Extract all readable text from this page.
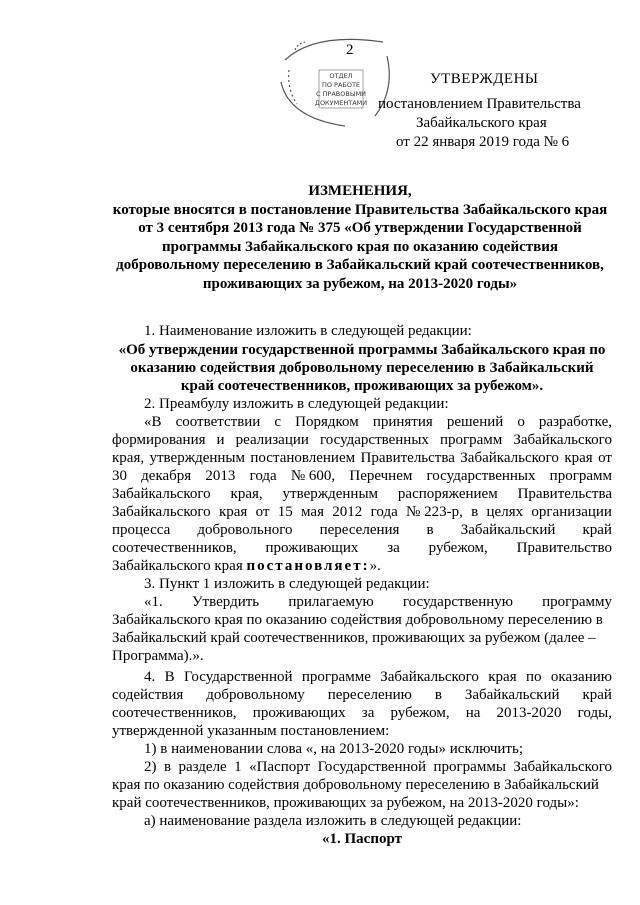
2
ОТДЕЛ
ПО РАБОТЕ
С ПРАВОВЫМИ
ДОКУМЕНТАМИ
УТВЕРЖДЕНЫ
постановлением Правительства
Забайкальского края
от 22 января 2019 года № 6
ИЗМЕНЕНИЯ,
которые вносятся в постановление Правительства Забайкальского края
от 3 сентября 2013 года № 375 «Об утверждении Государственной
программы Забайкальского края по оказанию содействия
добровольному переселению в Забайкальский край соотечественников,
проживающих за рубежом, на 2013-2020 годы»
1. Наименование изложить в следующей редакции:
«Об утверждении государственной программы Забайкальского края по
оказанию содействия добровольному переселению в Забайкальский
край соотечественников, проживающих за рубежом».
2. Преамбулу изложить в следующей редакции:
«В соответствии с Порядком принятия решений о разработке,
формирования и реализации государственных программ Забайкальского
края, утвержденным постановлением Правительства Забайкальского края от
30 декабря 2013 года № 600, Перечнем государственных программ
Забайкальского края, утвержденным распоряжением Правительства
Забайкальского края от 15 мая 2012 года № 223-р, в целях организации
процесса добровольного переселения в Забайкальский край
соотечественников, проживающих за рубежом, Правительство
Забайкальского края постановляет:».
3. Пункт 1 изложить в следующей редакции:
«1. Утвердить прилагаемую государственную программу
Забайкальского края по оказанию содействия добровольному переселению в
Забайкальский край соотечественников, проживающих за рубежом (далее –
Программа).».
4. В Государственной программе Забайкальского края по оказанию
содействия добровольному переселению в Забайкальский край
соотечественников, проживающих за рубежом, на 2013-2020 годы,
утвержденной указанным постановлением:
1) в наименовании слова «, на 2013-2020 годы» исключить;
2) в разделе 1 «Паспорт Государственной программы Забайкальского
края по оказанию содействия добровольному переселению в Забайкальский
край соотечественников, проживающих за рубежом, на 2013-2020 годы»:
а) наименование раздела изложить в следующей редакции:
«1. Паспорт
